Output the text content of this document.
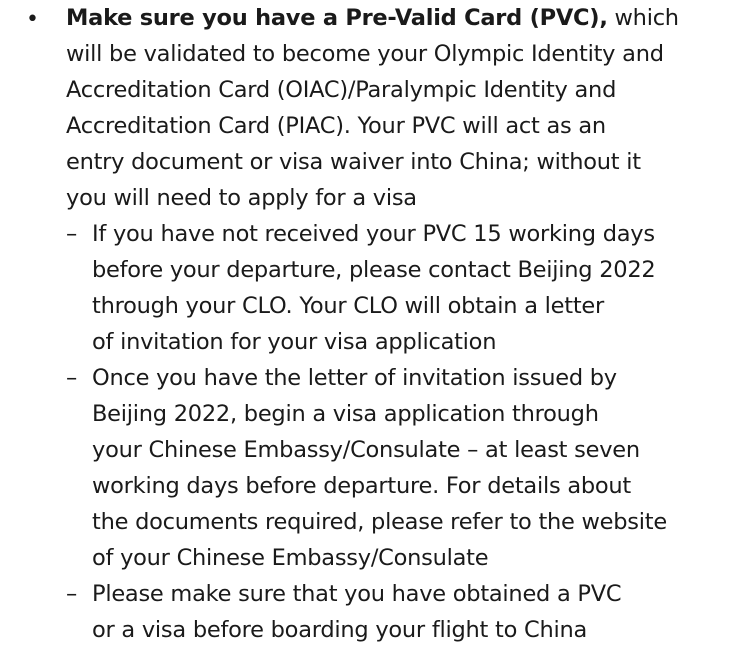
• Make sure you have a Pre-Valid Card (PVC), which
will be validated to become your Olympic Identity and
Accreditation Card (OIAC)/Paralympic Identity and
Accreditation Card (PIAC). Your PVC will act as an
entry document or visa waiver into China; without it
you will need to apply for a visa
– If you have not received your PVC 15 working days
before your departure, please contact Beijing 2022
through your CLO. Your CLO will obtain a letter
of invitation for your visa application
– Once you have the letter of invitation issued by
Beijing 2022, begin a visa application through
your Chinese Embassy/Consulate – at least seven
working days before departure. For details about
the documents required, please refer to the website
of your Chinese Embassy/Consulate
– Please make sure that you have obtained a PVC
or a visa before boarding your flight to China
